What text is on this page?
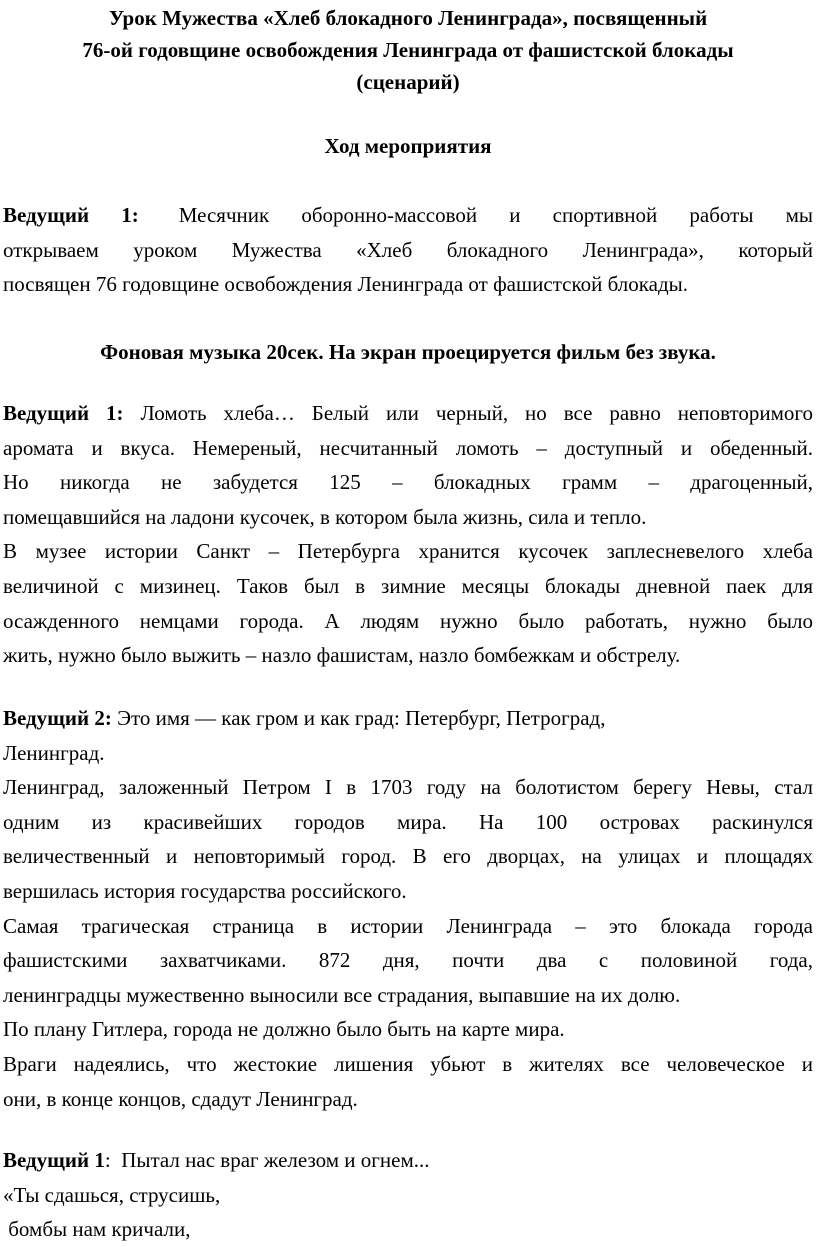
Урок Мужества «Хлеб блокадного Ленинграда», посвященный
76-ой годовщине освобождения Ленинграда от фашистской блокады
(сценарий)
Ход мероприятия
Ведущий 1: Месячник оборонно-массовой и спортивной работы мы
открываем уроком Мужества «Хлеб блокадного Ленинграда», который
посвящен 76 годовщине освобождения Ленинграда от фашистской блокады.
Фоновая музыка 20сек. На экран проецируется фильм без звука.
Ведущий 1: Ломоть хлеба… Белый или черный, но все равно неповторимого
аромата и вкуса. Немереный, несчитанный ломоть – доступный и обеденный.
Но никогда не забудется 125 – блокадных грамм – драгоценный,
помещавшийся на ладони кусочек, в котором была жизнь, сила и тепло.
В музее истории Санкт – Петербурга хранится кусочек заплесневелого хлеба
величиной с мизинец. Таков был в зимние месяцы блокады дневной паек для
осажденного немцами города. А людям нужно было работать, нужно было
жить, нужно было выжить – назло фашистам, назло бомбежкам и обстрелу.
Ведущий 2: Это имя — как гром и как град: Петербург, Петроград,
Ленинград.
Ленинград, заложенный Петром I в 1703 году на болотистом берегу Невы, стал
одним из красивейших городов мира. На 100 островах раскинулся
величественный и неповторимый город. В его дворцах, на улицах и площадях
вершилась история государства российского.
Самая трагическая страница в истории Ленинграда – это блокада города
фашистскими захватчиками. 872 дня, почти два с половиной года,
ленинградцы мужественно выносили все страдания, выпавшие на их долю.
По плану Гитлера, города не должно было быть на карте мира.
Враги надеялись, что жестокие лишения убьют в жителях все человеческое и
они, в конце концов, сдадут Ленинград.
Ведущий 1: Пытал нас враг железом и огнем...
«Ты сдашься, струсишь,
бомбы нам кричали,
